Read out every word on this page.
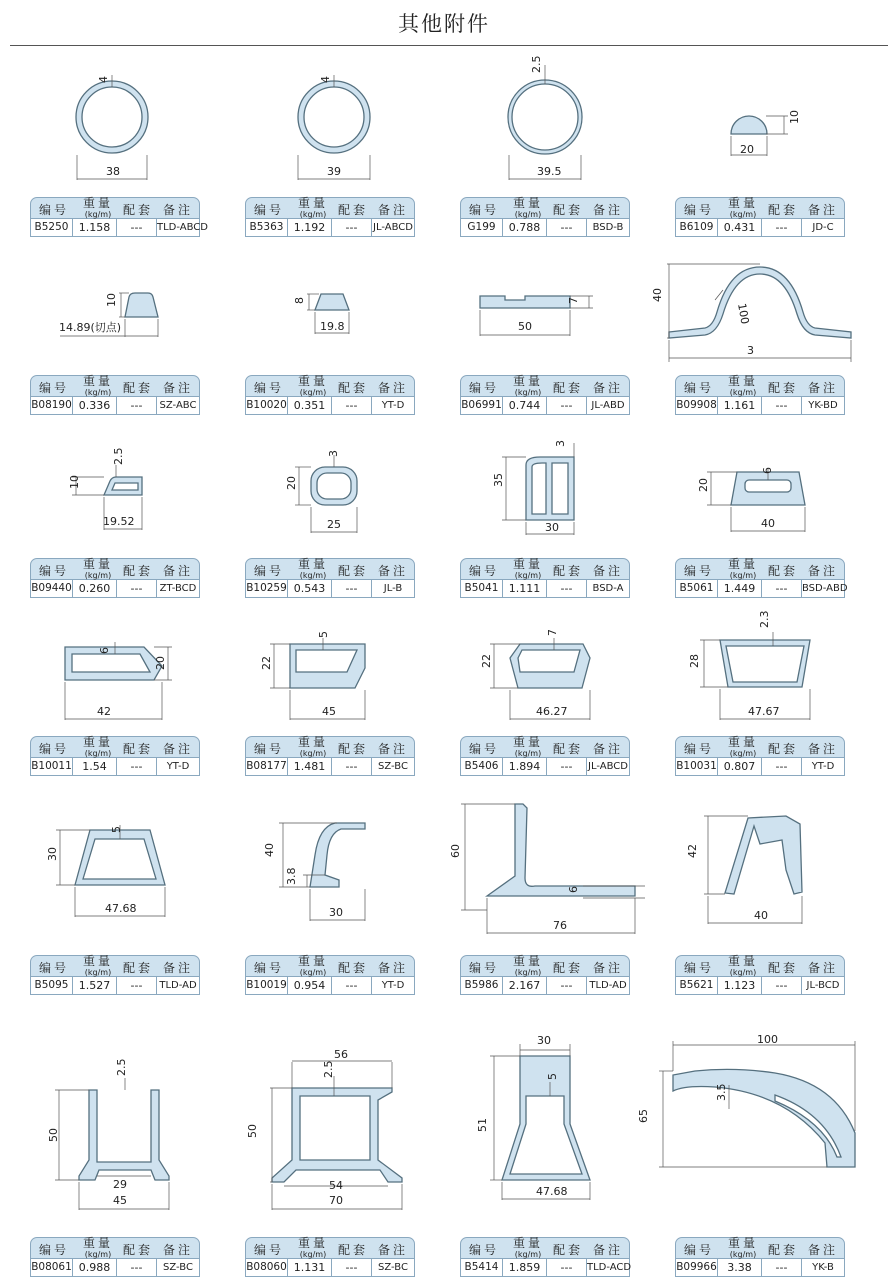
其他附件
4
38
编号	重量
(kg/m) 配套 备注
B5250 1.158	---	TLD-ABCD
4
39
编号	重量
(kg/m) 配套 备注
B5363 1.192	---	JL-ABCD
2.5
39.5
编号	重量
(kg/m) 配套 备注
G199	0.788	---	BSD-B
10
20
编号	重量
(kg/m) 配套 备注
B6109 0.431	---	JD-C
10
14.89(切点)
编号	重量
(kg/m) 配套 备注
B08190 0.336	---	SZ-ABC
8
19.8
编号	重量
(kg/m) 配套 备注
B10020 0.351	---	YT-D
7
50
编号	重量
(kg/m) 配套 备注
B06991 0.744	---	JL-ABD
40
3
100
编号	重量
(kg/m) 配套 备注
B09908 1.161	---	YK-BD
2.5
10
19.52
编号	重量
(kg/m) 配套 备注
B09440 0.260	---	ZT-BCD
3
20
25
编号	重量
(kg/m) 配套 备注
B10259 0.543	---	JL-B
3
35
30
编号	重量
(kg/m) 配套 备注
B5041 1.111	---	BSD-A
6
20
40
编号	重量
(kg/m) 配套 备注
B5061 1.449	---	BSD-ABD
6
20
42
编号	重量
(kg/m) 配套 备注
B10011 1.54	---	YT-D
5
22
45
编号	重量
(kg/m) 配套 备注
B08177 1.481	---	SZ-BC
7
22
46.27
编号	重量
(kg/m) 配套 备注
B5406 1.894	---	JL-ABCD
2.3
28
47.67
编号	重量
(kg/m) 配套 备注
B10031 0.807	---	YT-D
5
30
47.68
编号	重量
(kg/m) 配套 备注
B5095 1.527	---	TLD-AD
40
3.8
30
编号	重量
(kg/m) 配套 备注
B10019 0.954	---	YT-D
60
6
76
编号	重量
(kg/m) 配套 备注
B5986 2.167	---	TLD-AD
42
40
编号	重量
(kg/m) 配套 备注
B5621 1.123	---	JL-BCD
2.5
50
29
45
编号	重量
(kg/m) 配套 备注
B08061 0.988	---	SZ-BC
56
2.5
50
54
70
编号	重量
(kg/m) 配套 备注
B08060 1.131	---	SZ-BC
30
5
51
47.68
编号	重量
(kg/m) 配套 备注
B5414 1.859	---	TLD-ACD
100
3.5
65
编号	重量
(kg/m) 配套 备注
B09966 3.38	---	YK-B
